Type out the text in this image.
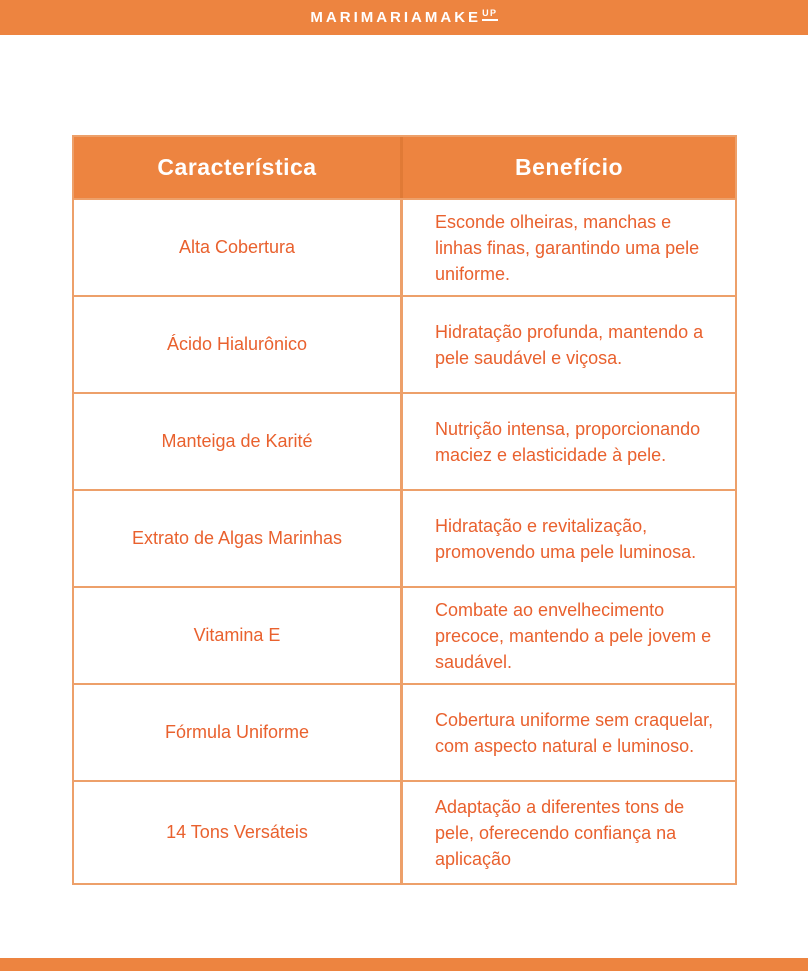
MARIMARIAMAKE UP
Característica	Benefício
Alta Cobertura
Esconde olheiras, manchas e linhas finas, garantindo uma pele uniforme.
Ácido Hialurônico
Hidratação profunda, mantendo a pele saudável e viçosa.
Manteiga de Karité
Nutrição intensa, proporcionando maciez e elasticidade à pele.
Extrato de Algas Marinhas
Hidratação e revitalização, promovendo uma pele luminosa.
Vitamina E
Combate ao envelhecimento precoce, mantendo a pele jovem e saudável.
Fórmula Uniforme
Cobertura uniforme sem craquelar, com aspecto natural e luminoso.
14 Tons Versáteis
Adaptação a diferentes tons de pele, oferecendo confiança na aplicação
